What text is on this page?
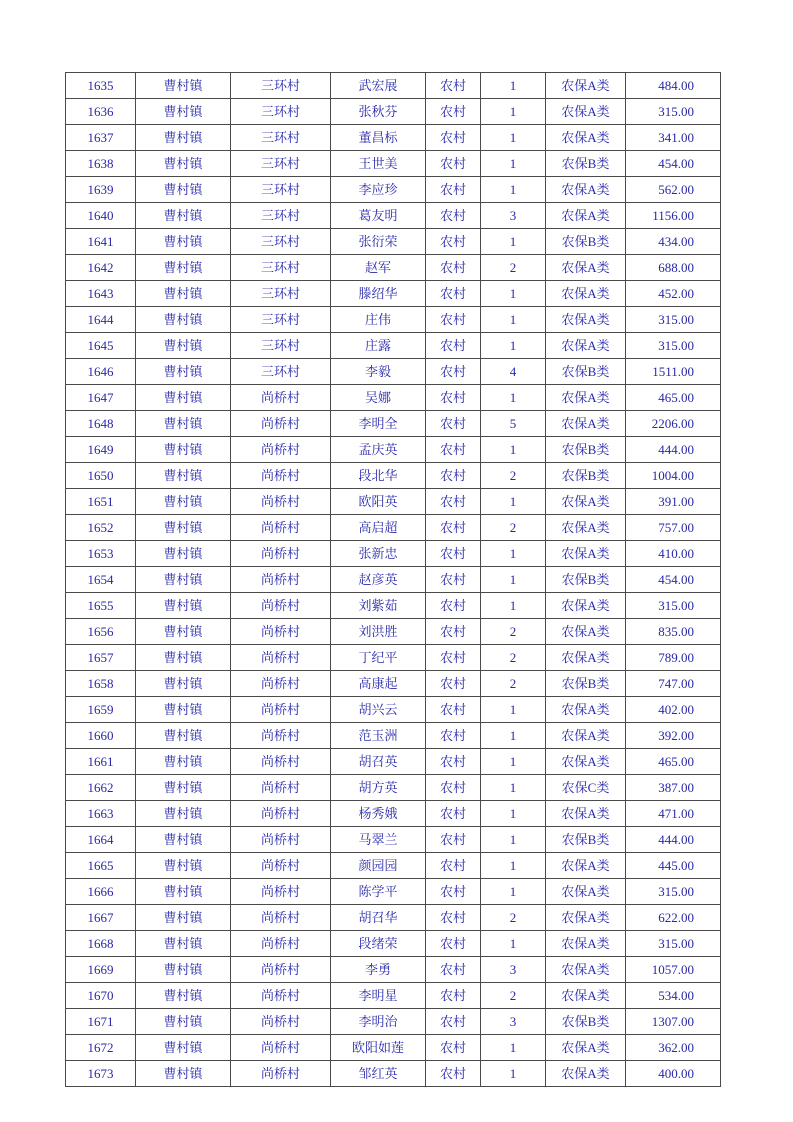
1635	曹村镇	三环村	武宏展	农村	1	农保A类	484.00
1636	曹村镇	三环村	张秋芬	农村	1	农保A类	315.00
1637	曹村镇	三环村	董昌标	农村	1	农保A类	341.00
1638	曹村镇	三环村	王世美	农村	1	农保B类	454.00
1639	曹村镇	三环村	李应珍	农村	1	农保A类	562.00
1640	曹村镇	三环村	葛友明	农村	3	农保A类	1156.00
1641	曹村镇	三环村	张衍荣	农村	1	农保B类	434.00
1642	曹村镇	三环村	赵军	农村	2	农保A类	688.00
1643	曹村镇	三环村	滕绍华	农村	1	农保A类	452.00
1644	曹村镇	三环村	庄伟	农村	1	农保A类	315.00
1645	曹村镇	三环村	庄露	农村	1	农保A类	315.00
1646	曹村镇	三环村	李毅	农村	4	农保B类	1511.00
1647	曹村镇	尚桥村	吴娜	农村	1	农保A类	465.00
1648	曹村镇	尚桥村	李明全	农村	5	农保A类	2206.00
1649	曹村镇	尚桥村	孟庆英	农村	1	农保B类	444.00
1650	曹村镇	尚桥村	段北华	农村	2	农保B类	1004.00
1651	曹村镇	尚桥村	欧阳英	农村	1	农保A类	391.00
1652	曹村镇	尚桥村	高启超	农村	2	农保A类	757.00
1653	曹村镇	尚桥村	张新忠	农村	1	农保A类	410.00
1654	曹村镇	尚桥村	赵彦英	农村	1	农保B类	454.00
1655	曹村镇	尚桥村	刘紫茹	农村	1	农保A类	315.00
1656	曹村镇	尚桥村	刘洪胜	农村	2	农保A类	835.00
1657	曹村镇	尚桥村	丁纪平	农村	2	农保A类	789.00
1658	曹村镇	尚桥村	高康起	农村	2	农保B类	747.00
1659	曹村镇	尚桥村	胡兴云	农村	1	农保A类	402.00
1660	曹村镇	尚桥村	范玉洲	农村	1	农保A类	392.00
1661	曹村镇	尚桥村	胡召英	农村	1	农保A类	465.00
1662	曹村镇	尚桥村	胡方英	农村	1	农保C类	387.00
1663	曹村镇	尚桥村	杨秀娥	农村	1	农保A类	471.00
1664	曹村镇	尚桥村	马翠兰	农村	1	农保B类	444.00
1665	曹村镇	尚桥村	颜园园	农村	1	农保A类	445.00
1666	曹村镇	尚桥村	陈学平	农村	1	农保A类	315.00
1667	曹村镇	尚桥村	胡召华	农村	2	农保A类	622.00
1668	曹村镇	尚桥村	段绪荣	农村	1	农保A类	315.00
1669	曹村镇	尚桥村	李勇	农村	3	农保A类	1057.00
1670	曹村镇	尚桥村	李明星	农村	2	农保A类	534.00
1671	曹村镇	尚桥村	李明治	农村	3	农保B类	1307.00
1672	曹村镇	尚桥村	欧阳如莲	农村	1	农保A类	362.00
1673	曹村镇	尚桥村	邹红英	农村	1	农保A类	400.00
